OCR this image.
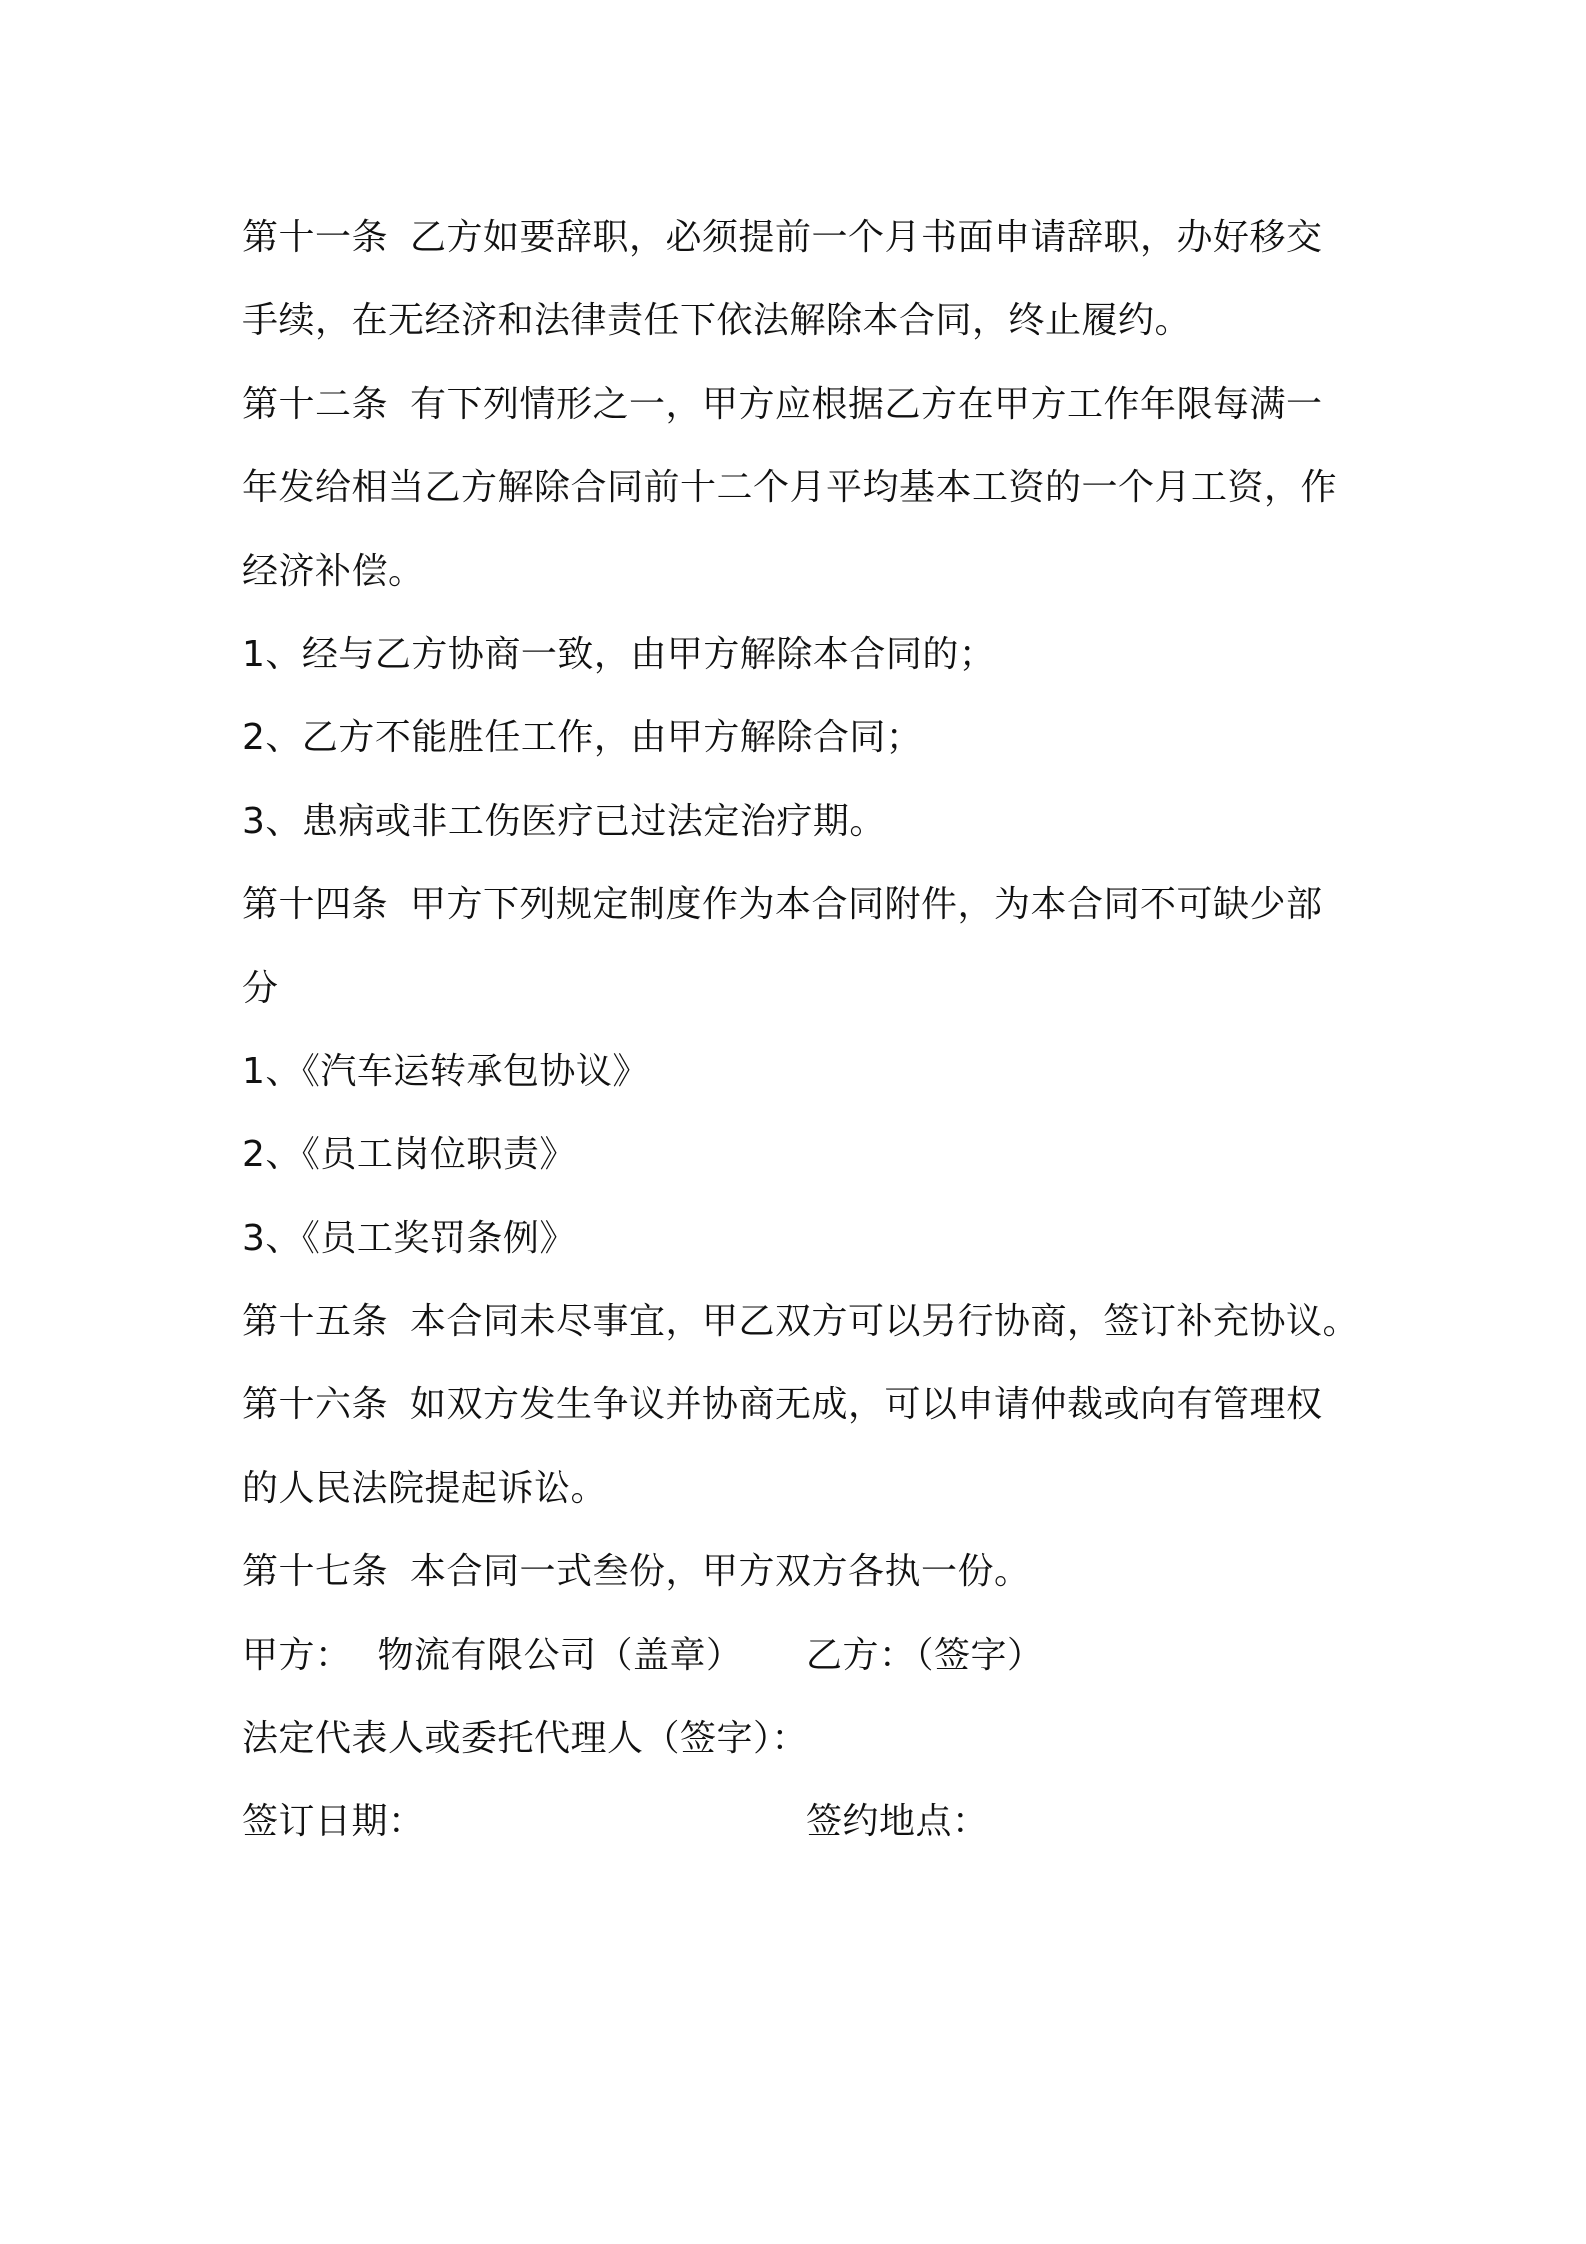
第十一条 乙方如要辞职，必须提前一个月书面申请辞职，办好移交
手续，在无经济和法律责任下依法解除本合同，终止履约。
第十二条 有下列情形之一，甲方应根据乙方在甲方工作年限每满一
年发给相当乙方解除合同前十二个月平均基本工资的一个月工资，作
经济补偿。
1、经与乙方协商一致，由甲方解除本合同的；
2、乙方不能胜任工作，由甲方解除合同；
3、患病或非工伤医疗已过法定治疗期。
第十四条 甲方下列规定制度作为本合同附件，为本合同不可缺少部
分
1、《汽车运转承包协议》
2、《员工岗位职责》
3、《员工奖罚条例》
第十五条 本合同未尽事宜，甲乙双方可以另行协商，签订补充协议。
第十六条 如双方发生争议并协商无成，可以申请仲裁或向有管理权
的人民法院提起诉讼。
第十七条 本合同一式叁份，甲方双方各执一份。
甲方： 物流有限公司（盖章） 乙方：（签字）
法定代表人或委托代理人（签字）：
签订日期：	签约地点：
